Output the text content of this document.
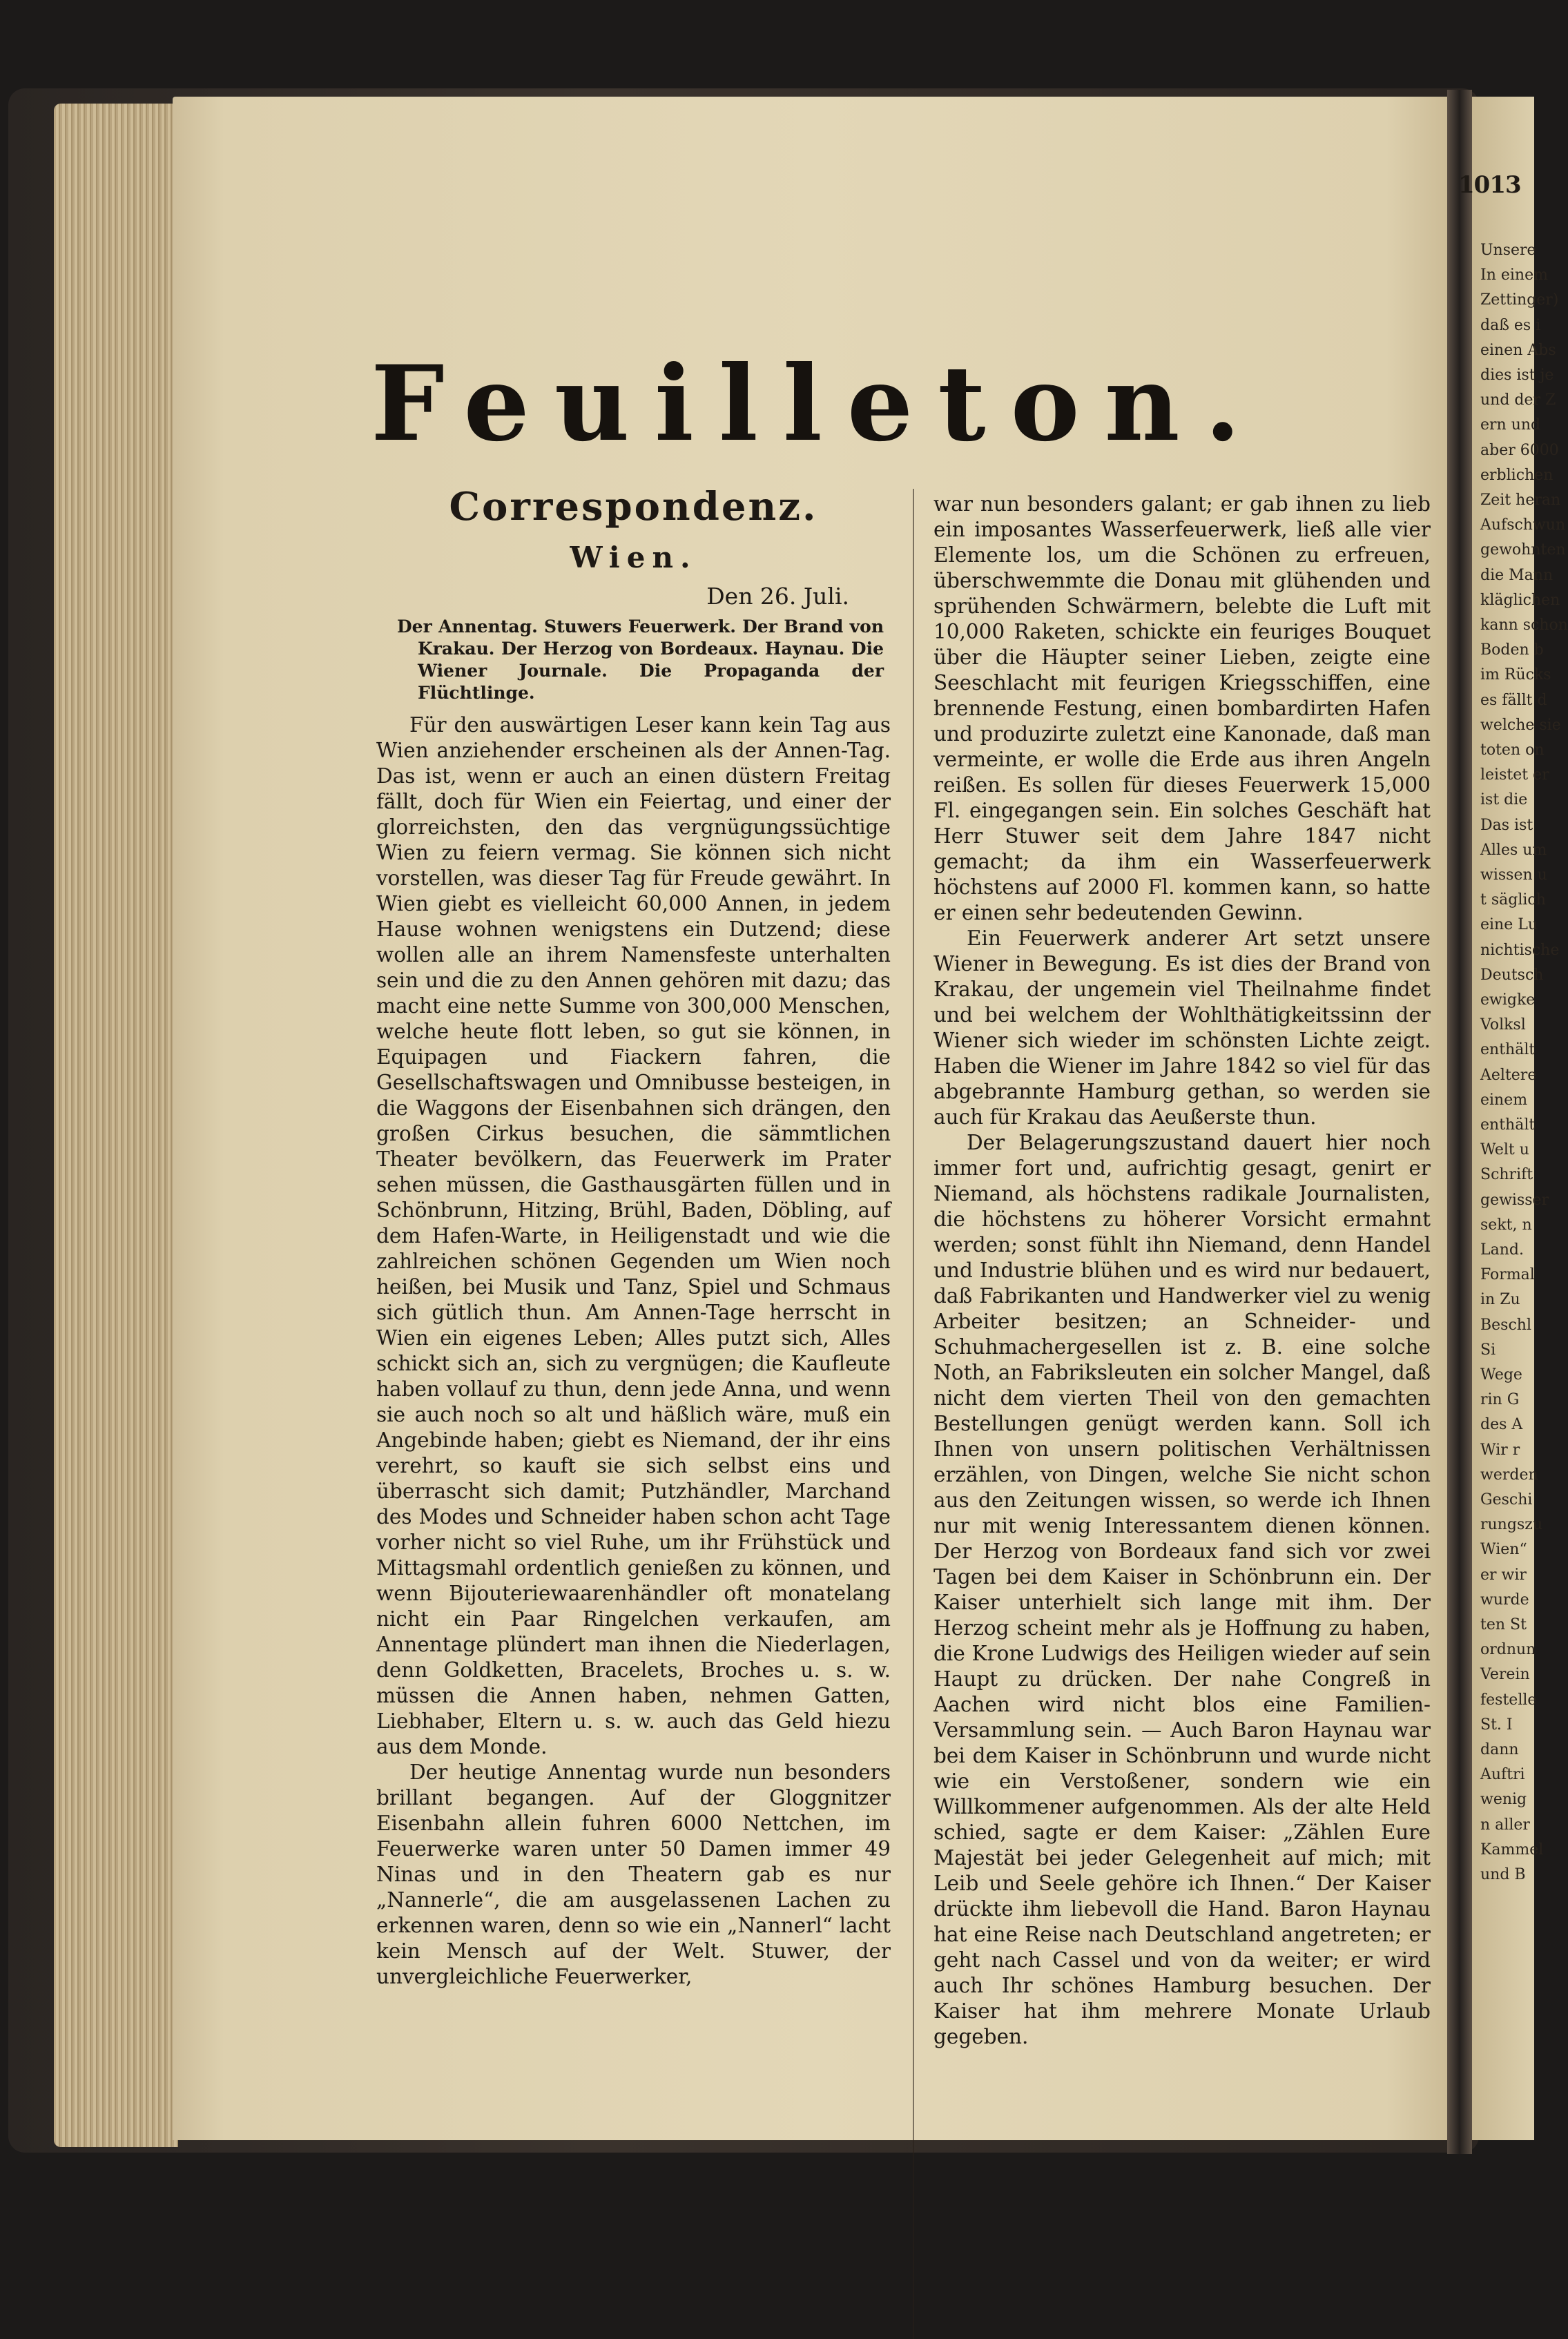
Unsere
In einem
Zettinger)
daß es i
einen Abs
dies ist je
und der Z
ern und
aber 6000
erblichen
Zeit heran
Aufschwun
gewohnten
die Mann
kläglichen
kann schon
Boden b
im Rücks
es fällt d
welche sie
toten on
leistet er
ist die
Das ist
Alles um
wissen u
t säglich
eine Lu
nichtische
Deutsch
ewigke
Volksl
enthält
Aeltere
einem
enthält
Welt u
Schrift
gewisser
sekt, n
Land.
Formal
in Zu
Beschl
Si
Wege
rin G
des A
Wir r
werden
Geschi
rungszu
Wien“
er wir
wurde
ten St
ordnun
Verein
festelle
St. I
dann
Auftri
wenig
n aller
Kammel
und B
1013
Feuilleton.
Correspondenz.
Wien.
Den 26. Juli.
Der Annentag. Stuwers Feuerwerk. Der Brand von Krakau. Der Herzog von Bordeaux. Haynau. Die Wiener Journale. Die Propaganda der Flüchtlinge.

Für den auswärtigen Leser kann kein Tag aus Wien anziehender erscheinen als der Annen-Tag. Das ist, wenn er auch an einen düstern Freitag fällt, doch für Wien ein Feiertag, und einer der glorreichsten, den das vergnügungssüchtige Wien zu feiern vermag. Sie können sich nicht vorstellen, was dieser Tag für Freude gewährt. In Wien giebt es vielleicht 60,000 Annen, in jedem Hause wohnen wenigstens ein Dutzend; diese wollen alle an ihrem Namensfeste unterhalten sein und die zu den Annen gehören mit dazu; das macht eine nette Summe von 300,000 Menschen, welche heute flott leben, so gut sie können, in Equipagen und Fiackern fahren, die Gesellschaftswagen und Omnibusse besteigen, in die Waggons der Eisenbahnen sich drängen, den großen Cirkus besuchen, die sämmtlichen Theater bevölkern, das Feuerwerk im Prater sehen müssen, die Gasthausgärten füllen und in Schönbrunn, Hitzing, Brühl, Baden, Döbling, auf dem Hafen-Warte, in Heiligenstadt und wie die zahlreichen schönen Gegenden um Wien noch heißen, bei Musik und Tanz, Spiel und Schmaus sich gütlich thun. Am Annen-Tage herrscht in Wien ein eigenes Leben; Alles putzt sich, Alles schickt sich an, sich zu vergnügen; die Kaufleute haben vollauf zu thun, denn jede Anna, und wenn sie auch noch so alt und häßlich wäre, muß ein Angebinde haben; giebt es Niemand, der ihr eins verehrt, so kauft sie sich selbst eins und überrascht sich damit; Putzhändler, Marchand des Modes und Schneider haben schon acht Tage vorher nicht so viel Ruhe, um ihr Frühstück und Mittagsmahl ordentlich genießen zu können, und wenn Bijouteriewaarenhändler oft monatelang nicht ein Paar Ringelchen verkaufen, am Annentage plündert man ihnen die Niederlagen, denn Goldketten, Bracelets, Broches u. s. w. müssen die Annen haben, nehmen Gatten, Liebhaber, Eltern u. s. w. auch das Geld hiezu aus dem Monde.

Der heutige Annentag wurde nun besonders brillant begangen. Auf der Gloggnitzer Eisenbahn allein fuhren 6000 Nettchen, im Feuerwerke waren unter 50 Damen immer 49 Ninas und in den Theatern gab es nur „Nannerle“, die am ausgelassenen Lachen zu erkennen waren, denn so wie ein „Nannerl“ lacht kein Mensch auf der Welt. Stuwer, der unvergleichliche Feuerwerker,

war nun besonders galant; er gab ihnen zu lieb ein imposantes Wasserfeuerwerk, ließ alle vier Elemente los, um die Schönen zu erfreuen, überschwemmte die Donau mit glühenden und sprühenden Schwärmern, belebte die Luft mit 10,000 Raketen, schickte ein feuriges Bouquet über die Häupter seiner Lieben, zeigte eine Seeschlacht mit feurigen Kriegsschiffen, eine brennende Festung, einen bombardirten Hafen und produzirte zuletzt eine Kanonade, daß man vermeinte, er wolle die Erde aus ihren Angeln reißen. Es sollen für dieses Feuerwerk 15,000 Fl. eingegangen sein. Ein solches Geschäft hat Herr Stuwer seit dem Jahre 1847 nicht gemacht; da ihm ein Wasserfeuerwerk höchstens auf 2000 Fl. kommen kann, so hatte er einen sehr bedeutenden Gewinn.

Ein Feuerwerk anderer Art setzt unsere Wiener in Bewegung. Es ist dies der Brand von Krakau, der ungemein viel Theilnahme findet und bei welchem der Wohlthätigkeitssinn der Wiener sich wieder im schönsten Lichte zeigt. Haben die Wiener im Jahre 1842 so viel für das abgebrannte Hamburg gethan, so werden sie auch für Krakau das Aeußerste thun.

Der Belagerungszustand dauert hier noch immer fort und, aufrichtig gesagt, genirt er Niemand, als höchstens radikale Journalisten, die höchstens zu höherer Vorsicht ermahnt werden; sonst fühlt ihn Niemand, denn Handel und Industrie blühen und es wird nur bedauert, daß Fabrikanten und Handwerker viel zu wenig Arbeiter besitzen; an Schneider- und Schuhmachergesellen ist z. B. eine solche Noth, an Fabriksleuten ein solcher Mangel, daß nicht dem vierten Theil von den gemachten Bestellungen genügt werden kann. Soll ich Ihnen von unsern politischen Verhältnissen erzählen, von Dingen, welche Sie nicht schon aus den Zeitungen wissen, so werde ich Ihnen nur mit wenig Interessantem dienen können. Der Herzog von Bordeaux fand sich vor zwei Tagen bei dem Kaiser in Schönbrunn ein. Der Kaiser unterhielt sich lange mit ihm. Der Herzog scheint mehr als je Hoffnung zu haben, die Krone Ludwigs des Heiligen wieder auf sein Haupt zu drücken. Der nahe Congreß in Aachen wird nicht blos eine Familien-Versammlung sein. — Auch Baron Haynau war bei dem Kaiser in Schönbrunn und wurde nicht wie ein Verstoßener, sondern wie ein Willkommener aufgenommen. Als der alte Held schied, sagte er dem Kaiser: „Zählen Eure Majestät bei jeder Gelegenheit auf mich; mit Leib und Seele gehöre ich Ihnen.“ Der Kaiser drückte ihm liebevoll die Hand. Baron Haynau hat eine Reise nach Deutschland angetreten; er geht nach Cassel und von da weiter; er wird auch Ihr schönes Hamburg besuchen. Der Kaiser hat ihm mehrere Monate Urlaub gegeben.
